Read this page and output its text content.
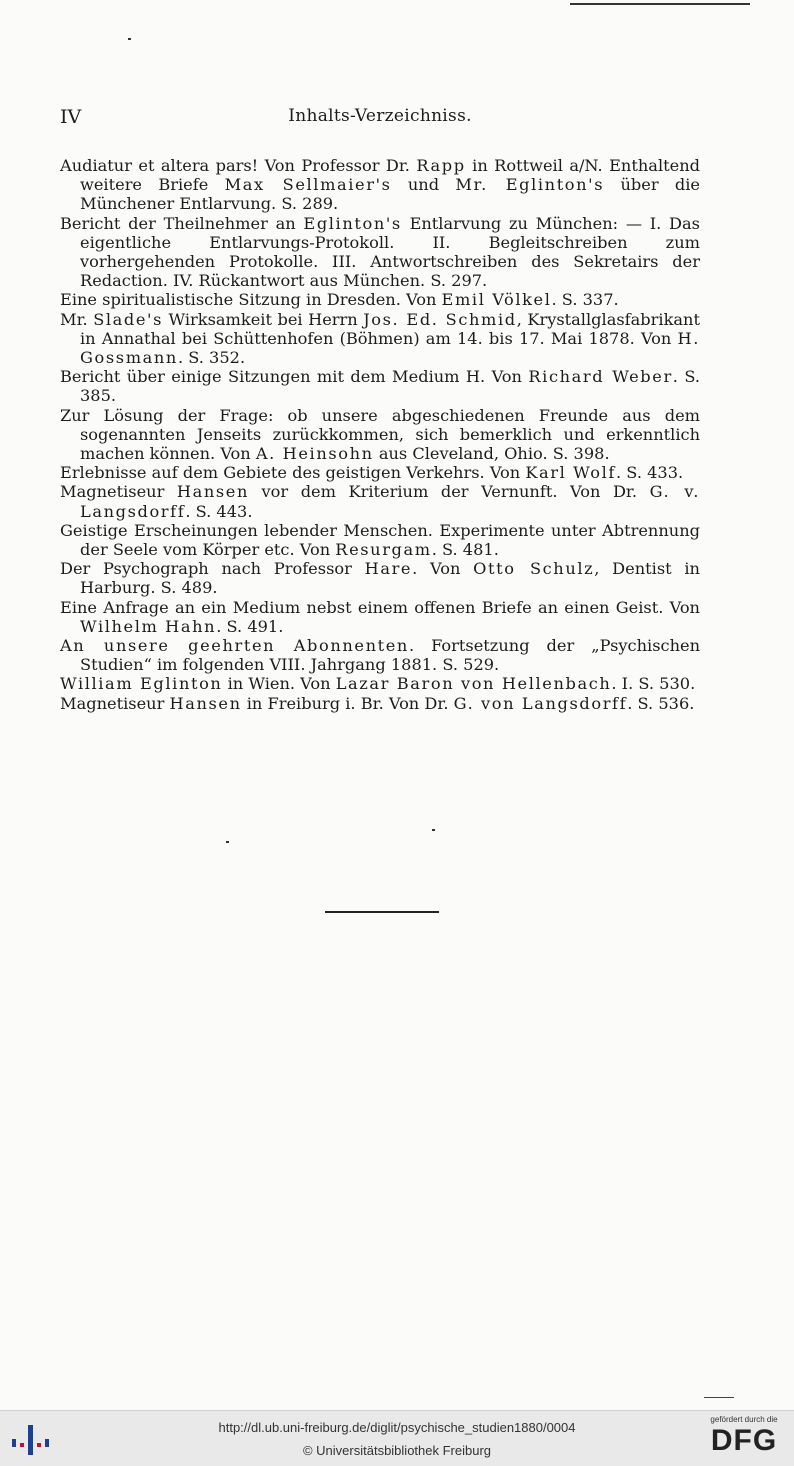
IV	Inhalts-Verzeichniss.
Audiatur et altera pars! Von Professor Dr. Rapp in Rottweil a/N. Enthaltend weitere Briefe Max Sellmaier's und Mr. Eglinton's über die Münchener Entlarvung. S. 289.
Bericht der Theilnehmer an Eglinton's Entlarvung zu München: — I. Das eigentliche Entlarvungs-Protokoll. II. Begleitschreiben zum vorhergehenden Protokolle. III. Antwortschreiben des Sekretairs der Redaction. IV. Rückantwort aus München. S. 297.
Eine spiritualistische Sitzung in Dresden. Von Emil Völkel. S. 337.
Mr. Slade's Wirksamkeit bei Herrn Jos. Ed. Schmid, Krystallglasfabrikant in Annathal bei Schüttenhofen (Böhmen) am 14. bis 17. Mai 1878. Von H. Gossmann. S. 352.
Bericht über einige Sitzungen mit dem Medium H. Von Richard Weber. S. 385.
Zur Lösung der Frage: ob unsere abgeschiedenen Freunde aus dem sogenannten Jenseits zurückkommen, sich bemerklich und erkenntlich machen können. Von A. Heinsohn aus Cleveland, Ohio. S. 398.
Erlebnisse auf dem Gebiete des geistigen Verkehrs. Von Karl Wolf. S. 433.
Magnetiseur Hansen vor dem Kriterium der Vernunft. Von Dr. G. v. Langsdorff. S. 443.
Geistige Erscheinungen lebender Menschen. Experimente unter Abtrennung der Seele vom Körper etc. Von Resurgam. S. 481.
Der Psychograph nach Professor Hare. Von Otto Schulz, Dentist in Harburg. S. 489.
Eine Anfrage an ein Medium nebst einem offenen Briefe an einen Geist. Von Wilhelm Hahn. S. 491.
An unsere geehrten Abonnenten. Fortsetzung der „Psychischen Studien“ im folgenden VIII. Jahrgang 1881. S. 529.
William Eglinton in Wien. Von Lazar Baron von Hellenbach. I. S. 530.
Magnetiseur Hansen in Freiburg i. Br. Von Dr. G. von Langsdorff. S. 536.
http://dl.ub.uni-freiburg.de/diglit/psychische_studien1880/0004
© Universitätsbibliothek Freiburg
gefördert durch die
DFG
